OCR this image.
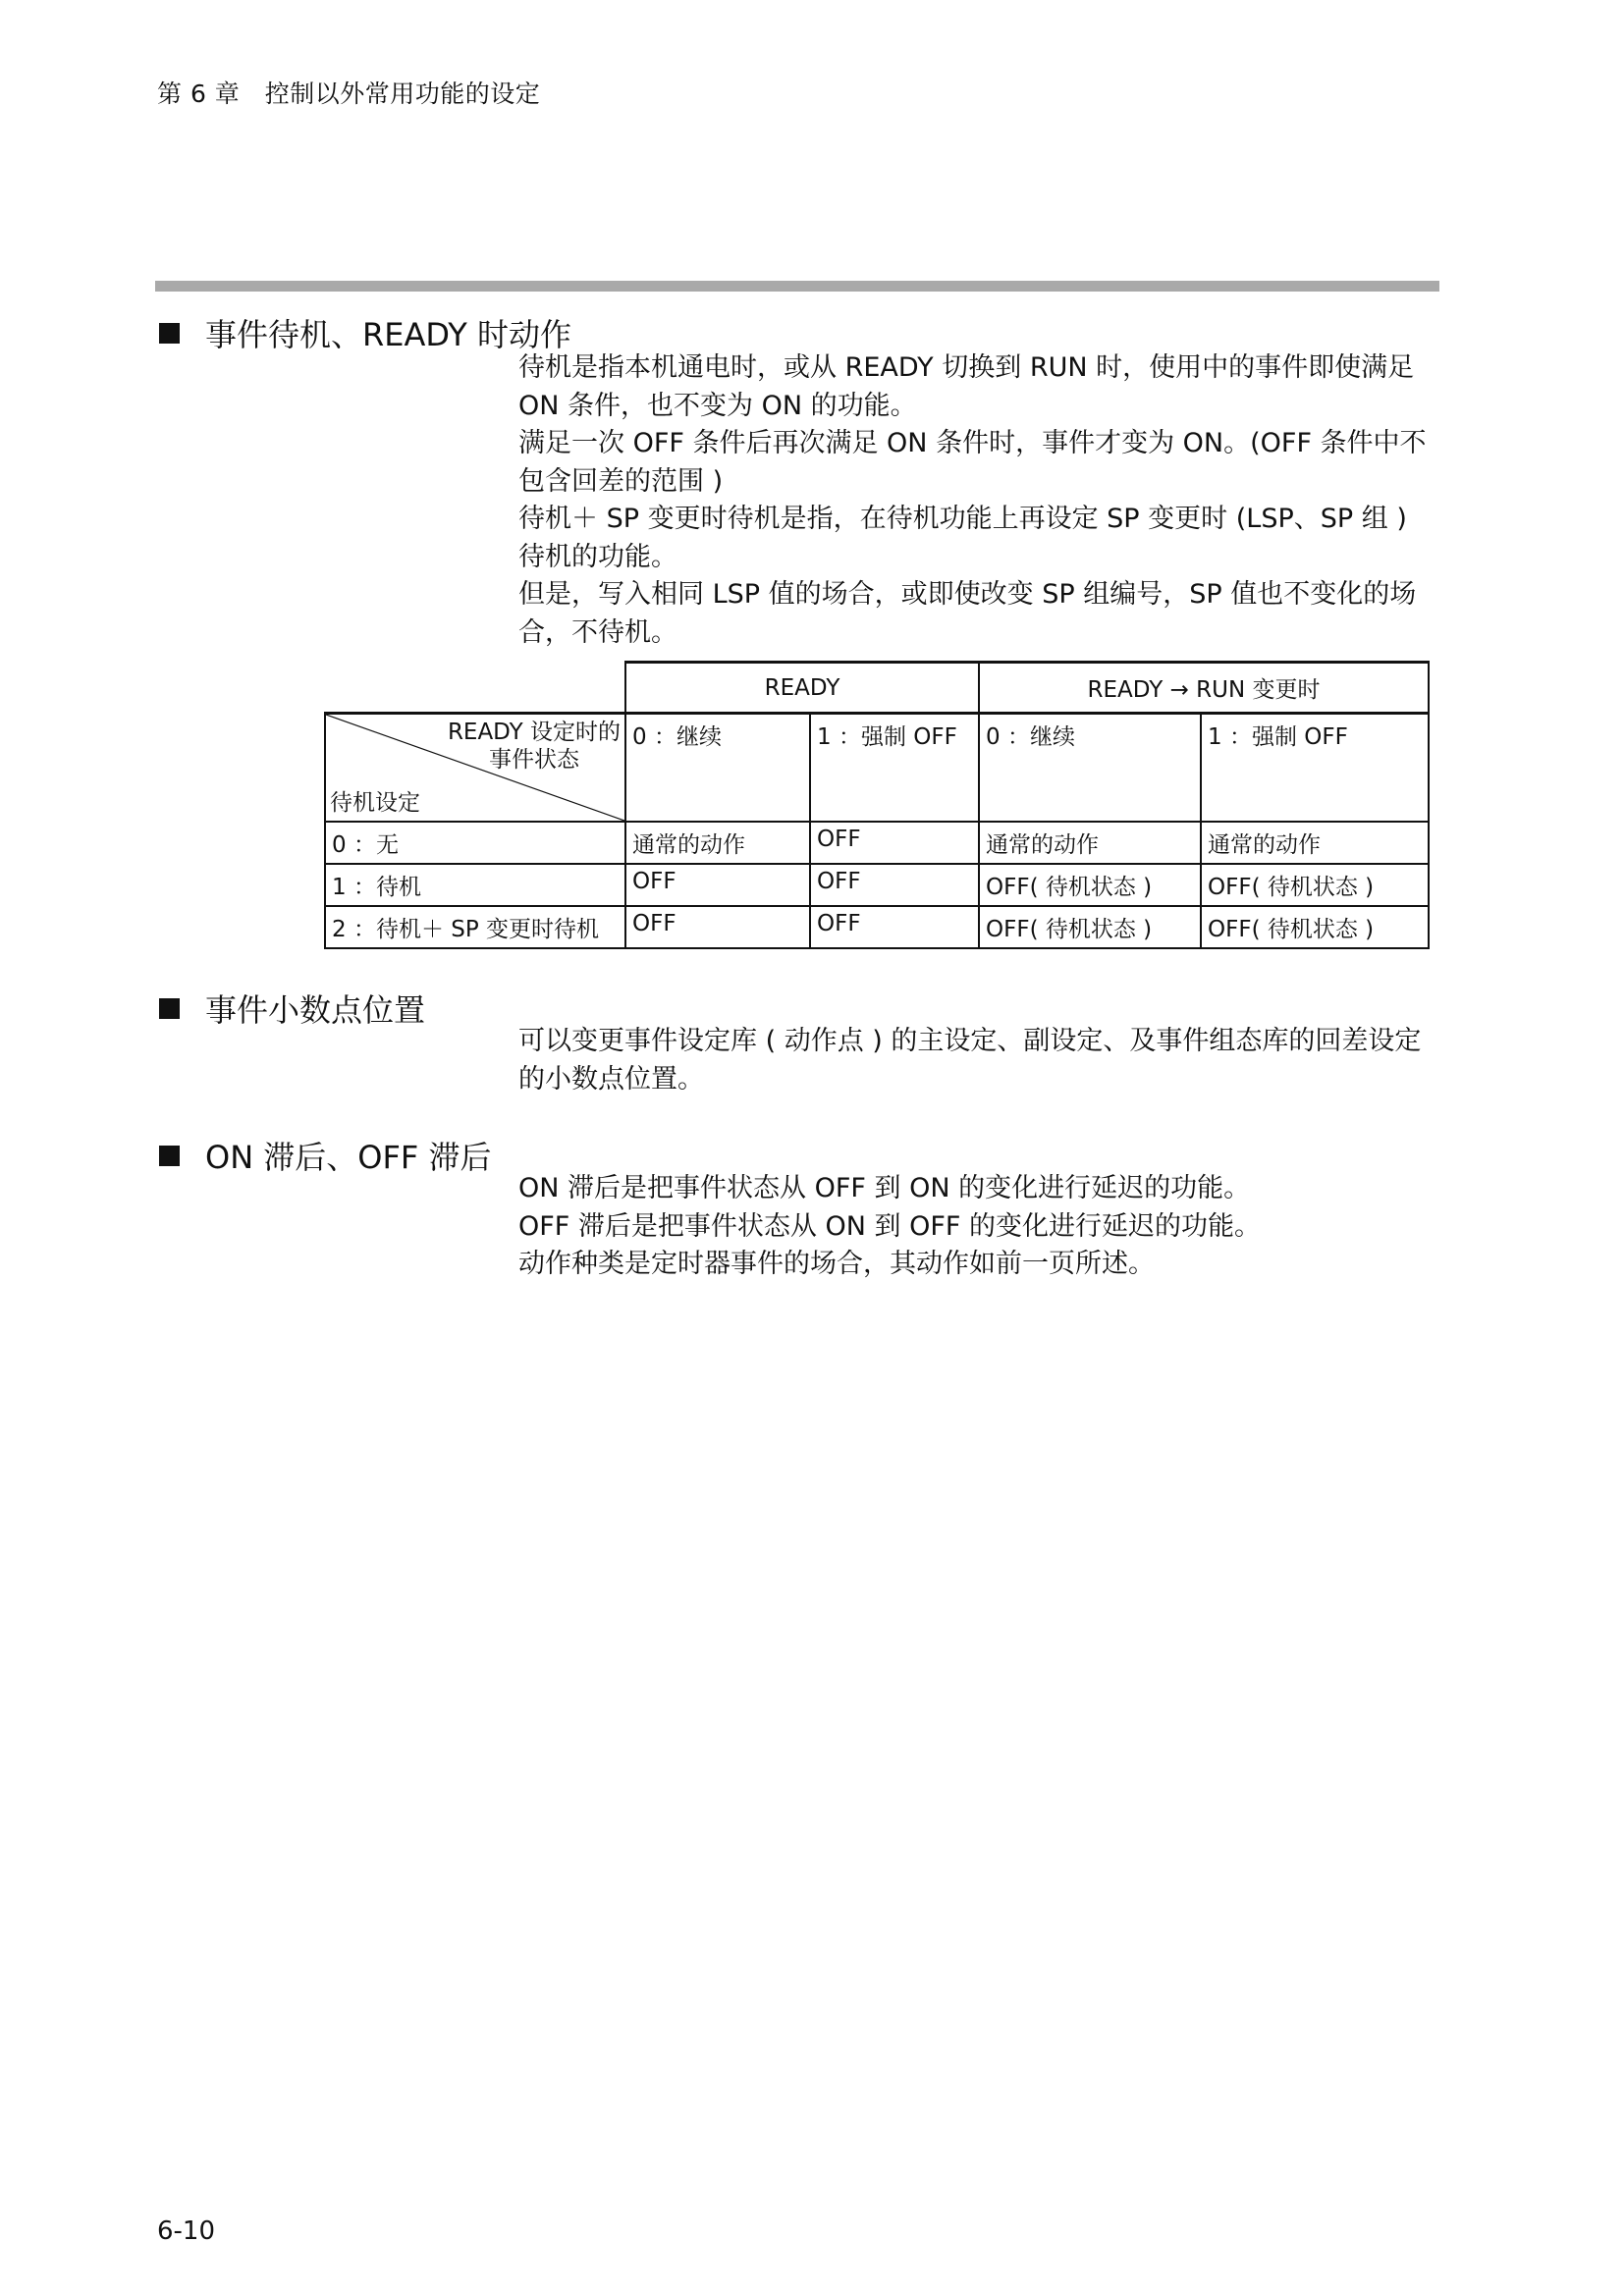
第 6 章　控制以外常用功能的设定
事件待机、READY 时动作

待机是指本机通电时，或从 READY 切换到 RUN 时，使用中的事件即使满足 ON 条件，也不变为 ON 的功能。

满足一次 OFF 条件后再次满足 ON 条件时，事件才变为 ON。(OFF 条件中不包含回差的范围 )

待机＋ SP 变更时待机是指，在待机功能上再设定 SP 变更时 (LSP、SP 组 ) 待机的功能。

但是，写入相同 LSP 值的场合，或即使改变 SP 组编号，SP 值也不变化的场合，不待机。

	READY		READY → RUN 变更时	

READY 设定时的
事件状态
待机设定	0 ：继续	1 ：强制 OFF	0 ：继续	1 ：强制 OFF
0 ：无	通常的动作	OFF	通常的动作	通常的动作
1 ：待机	OFF	OFF	OFF( 待机状态 )	OFF( 待机状态 )
2 ：待机＋ SP 变更时待机	OFF	OFF	OFF( 待机状态 )	OFF( 待机状态 )
事件小数点位置

可以变更事件设定库 ( 动作点 ) 的主设定、副设定、及事件组态库的回差设定的小数点位置。

ON 滞后、OFF 滞后

ON 滞后是把事件状态从 OFF 到 ON 的变化进行延迟的功能。

OFF 滞后是把事件状态从 ON 到 OFF 的变化进行延迟的功能。

动作种类是定时器事件的场合，其动作如前一页所述。

6-10
